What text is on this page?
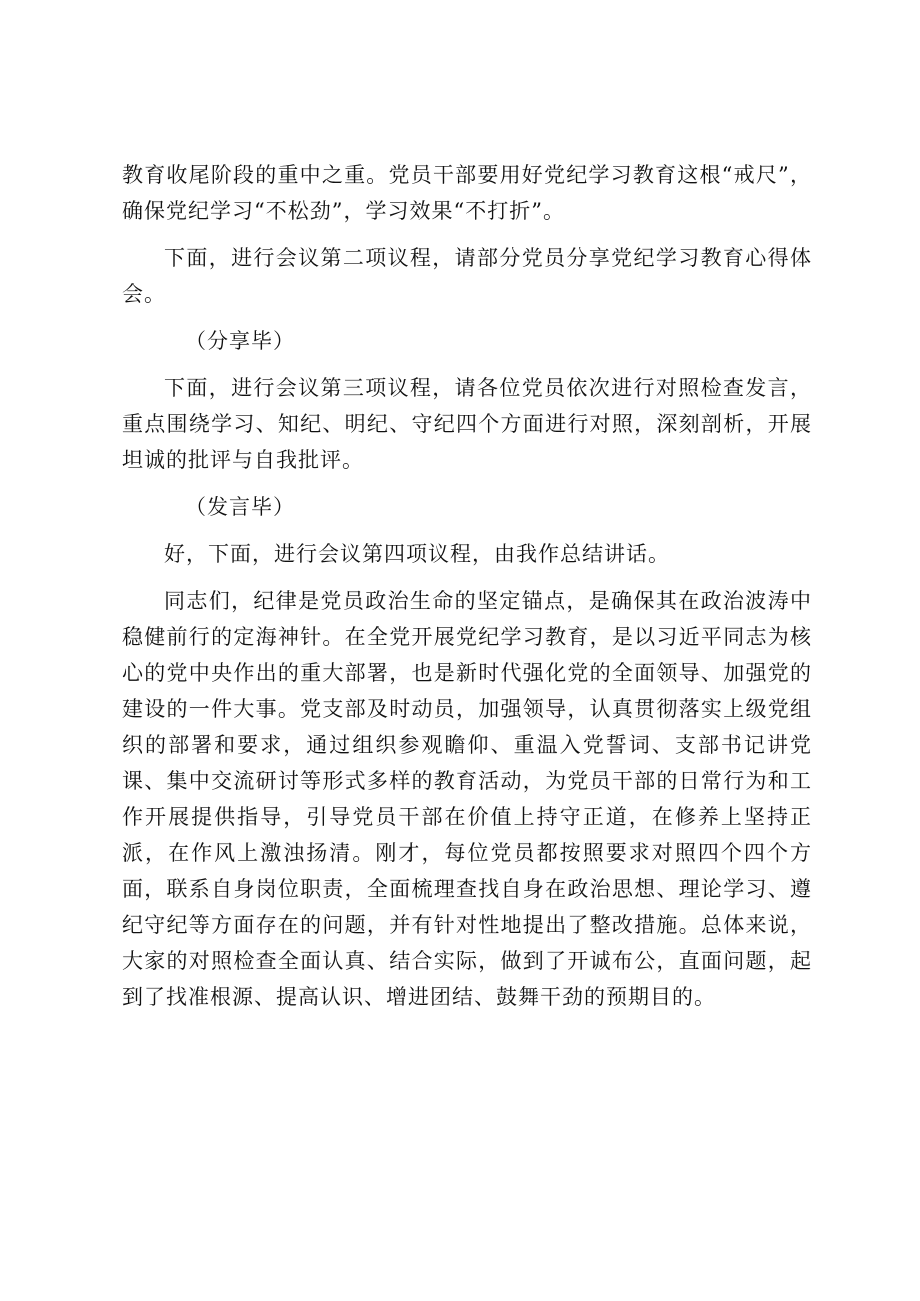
教育收尾阶段的重中之重。党员干部要用好党纪学习教育这根“戒尺”，确保党纪学习“不松劲”，学习效果“不打折”。

下面，进行会议第二项议程，请部分党员分享党纪学习教育心得体会。

（分享毕）

下面，进行会议第三项议程，请各位党员依次进行对照检查发言，重点围绕学习、知纪、明纪、守纪四个方面进行对照，深刻剖析，开展坦诚的批评与自我批评。

（发言毕）

好，下面，进行会议第四项议程，由我作总结讲话。

同志们，纪律是党员政治生命的坚定锚点，是确保其在政治波涛中稳健前行的定海神针。在全党开展党纪学习教育，是以习近平同志为核心的党中央作出的重大部署，也是新时代强化党的全面领导、加强党的建设的一件大事。党支部及时动员，加强领导，认真贯彻落实上级党组织的部署和要求，通过组织参观瞻仰、重温入党誓词、支部书记讲党课、集中交流研讨等形式多样的教育活动，为党员干部的日常行为和工作开展提供指导，引导党员干部在价值上持守正道，在修养上坚持正派，在作风上激浊扬清。刚才，每位党员都按照要求对照四个四个方面，联系自身岗位职责，全面梳理查找自身在政治思想、理论学习、遵纪守纪等方面存在的问题，并有针对性地提出了整改措施。总体来说，大家的对照检查全面认真、结合实际，做到了开诚布公，直面问题，起到了找准根源、提高认识、增进团结、鼓舞干劲的预期目的。
